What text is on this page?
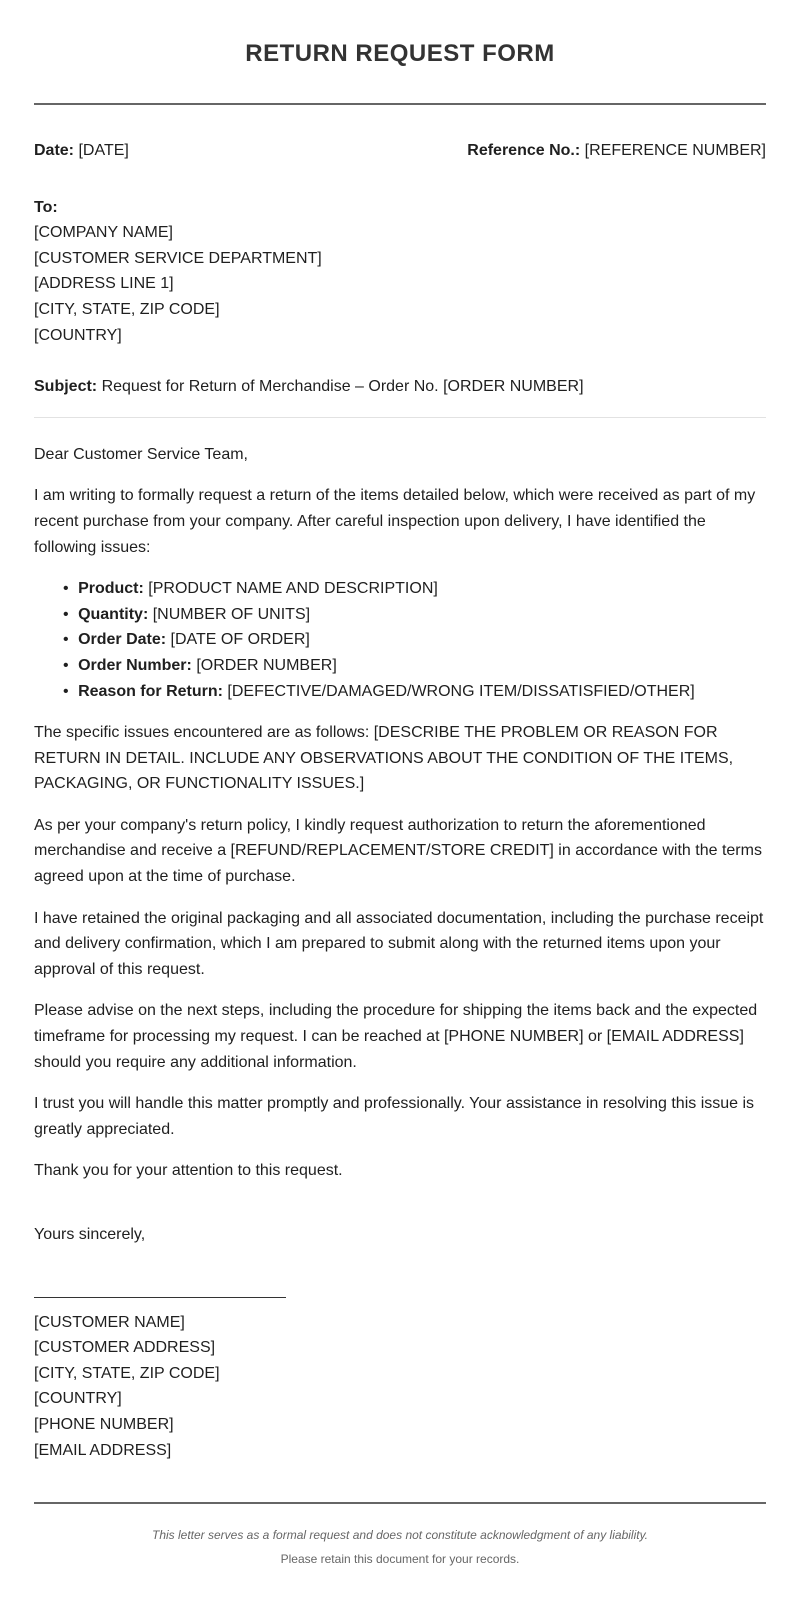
RETURN REQUEST FORM
Date: [DATE]	Reference No.: [REFERENCE NUMBER]
To:
[COMPANY NAME]
[CUSTOMER SERVICE DEPARTMENT]
[ADDRESS LINE 1]
[CITY, STATE, ZIP CODE]
[COUNTRY]
Subject: Request for Return of Merchandise – Order No. [ORDER NUMBER]
Dear Customer Service Team,

I am writing to formally request a return of the items detailed below, which were received as part of my recent purchase from your company. After careful inspection upon delivery, I have identified the following issues:

• Product: [PRODUCT NAME AND DESCRIPTION]
• Quantity: [NUMBER OF UNITS]
• Order Date: [DATE OF ORDER]
• Order Number: [ORDER NUMBER]
• Reason for Return: [DEFECTIVE/DAMAGED/WRONG ITEM/DISSATISFIED/OTHER]

The specific issues encountered are as follows: [DESCRIBE THE PROBLEM OR REASON FOR RETURN IN DETAIL. INCLUDE ANY OBSERVATIONS ABOUT THE CONDITION OF THE ITEMS, PACKAGING, OR FUNCTIONALITY ISSUES.]

As per your company's return policy, I kindly request authorization to return the aforementioned merchandise and receive a [REFUND/REPLACEMENT/STORE CREDIT] in accordance with the terms agreed upon at the time of purchase.

I have retained the original packaging and all associated documentation, including the purchase receipt and delivery confirmation, which I am prepared to submit along with the returned items upon your approval of this request.

Please advise on the next steps, including the procedure for shipping the items back and the expected timeframe for processing my request. I can be reached at [PHONE NUMBER] or [EMAIL ADDRESS] should you require any additional information.

I trust you will handle this matter promptly and professionally. Your assistance in resolving this issue is greatly appreciated.

Thank you for your attention to this request.

Yours sincerely,
[CUSTOMER NAME]
[CUSTOMER ADDRESS]
[CITY, STATE, ZIP CODE]
[COUNTRY]
[PHONE NUMBER]
[EMAIL ADDRESS]
This letter serves as a formal request and does not constitute acknowledgment of any liability.
Please retain this document for your records.
